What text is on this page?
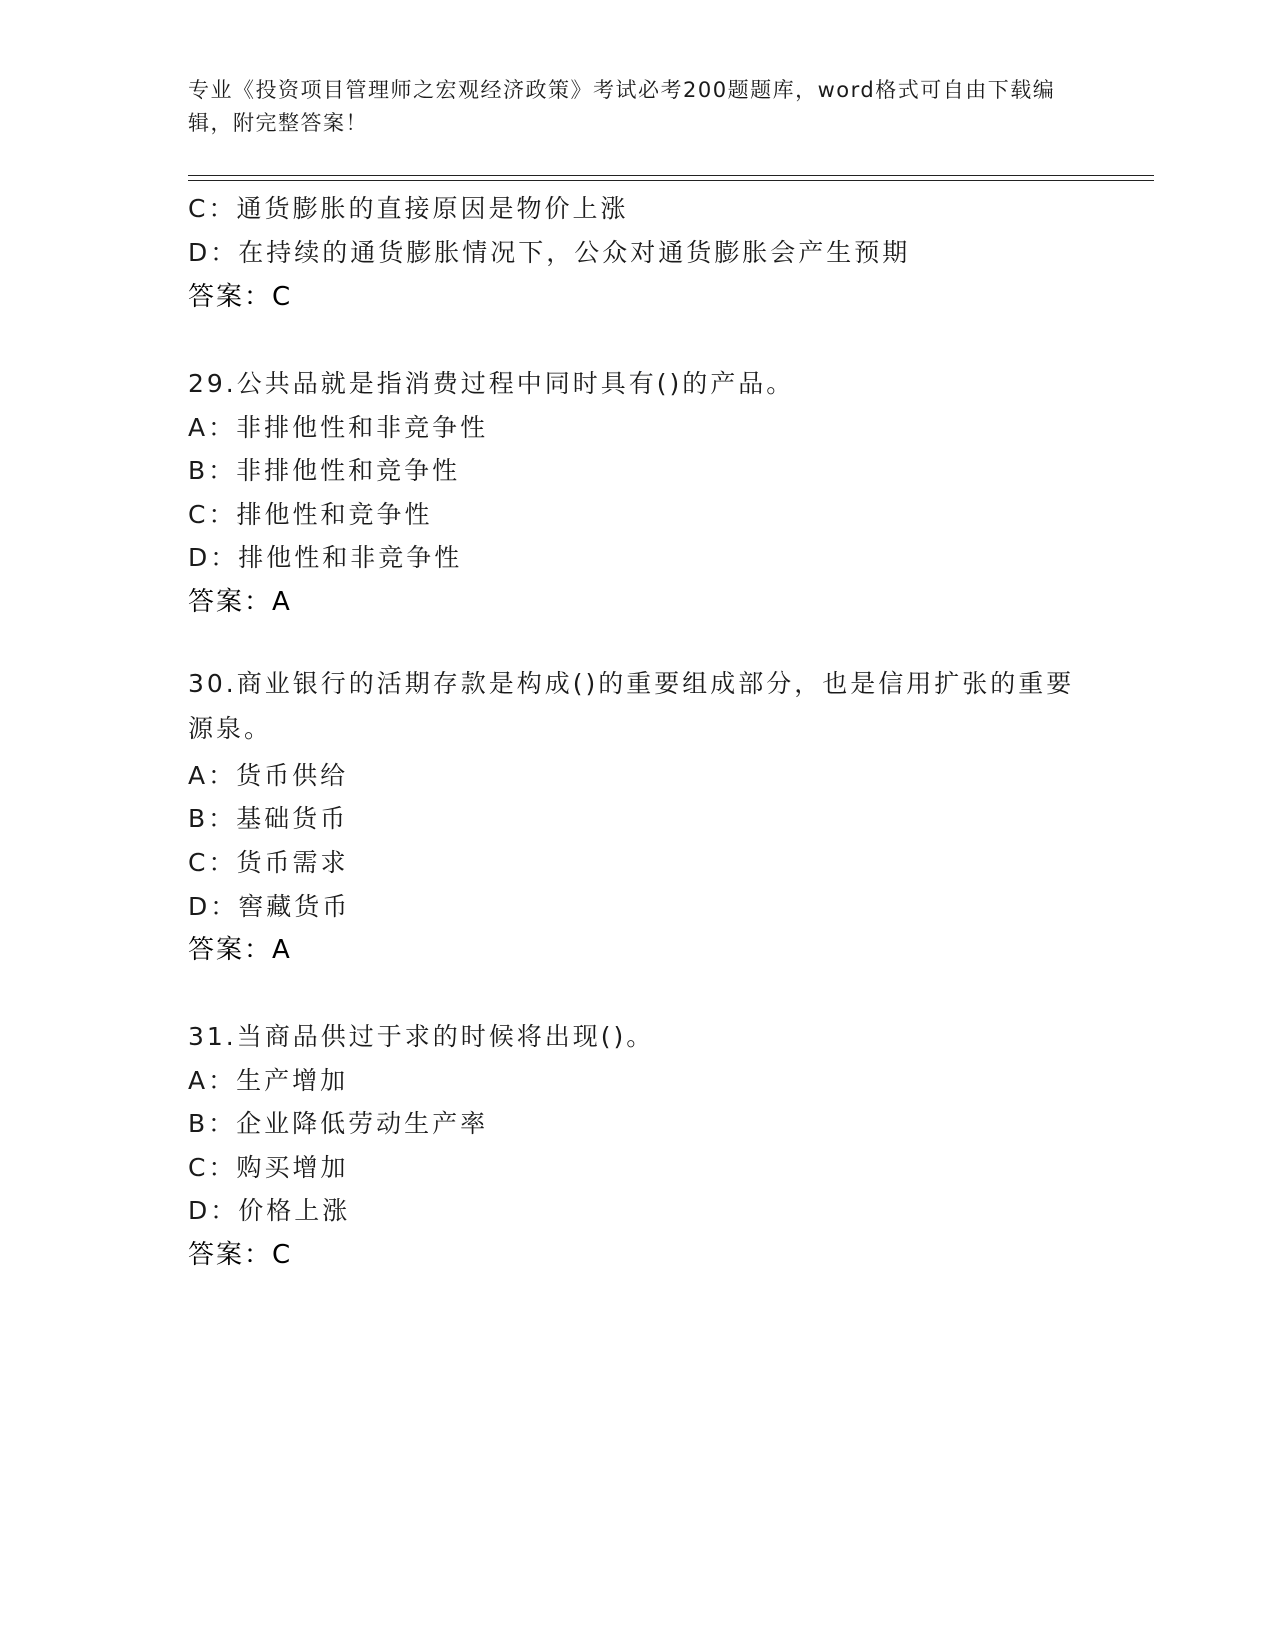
专业《投资项目管理师之宏观经济政策》考试必考200题题库，word格式可自由下载编辑，附完整答案！
C：通货膨胀的直接原因是物价上涨
D：在持续的通货膨胀情况下，公众对通货膨胀会产生预期
答案：C
29.公共品就是指消费过程中同时具有()的产品。
A：非排他性和非竞争性
B：非排他性和竞争性
C：排他性和竞争性
D：排他性和非竞争性
答案：A
30.商业银行的活期存款是构成()的重要组成部分，也是信用扩张的重要源泉。
A：货币供给
B：基础货币
C：货币需求
D：窖藏货币
答案：A
31.当商品供过于求的时候将出现()。
A：生产增加
B：企业降低劳动生产率
C：购买增加
D：价格上涨
答案：C
